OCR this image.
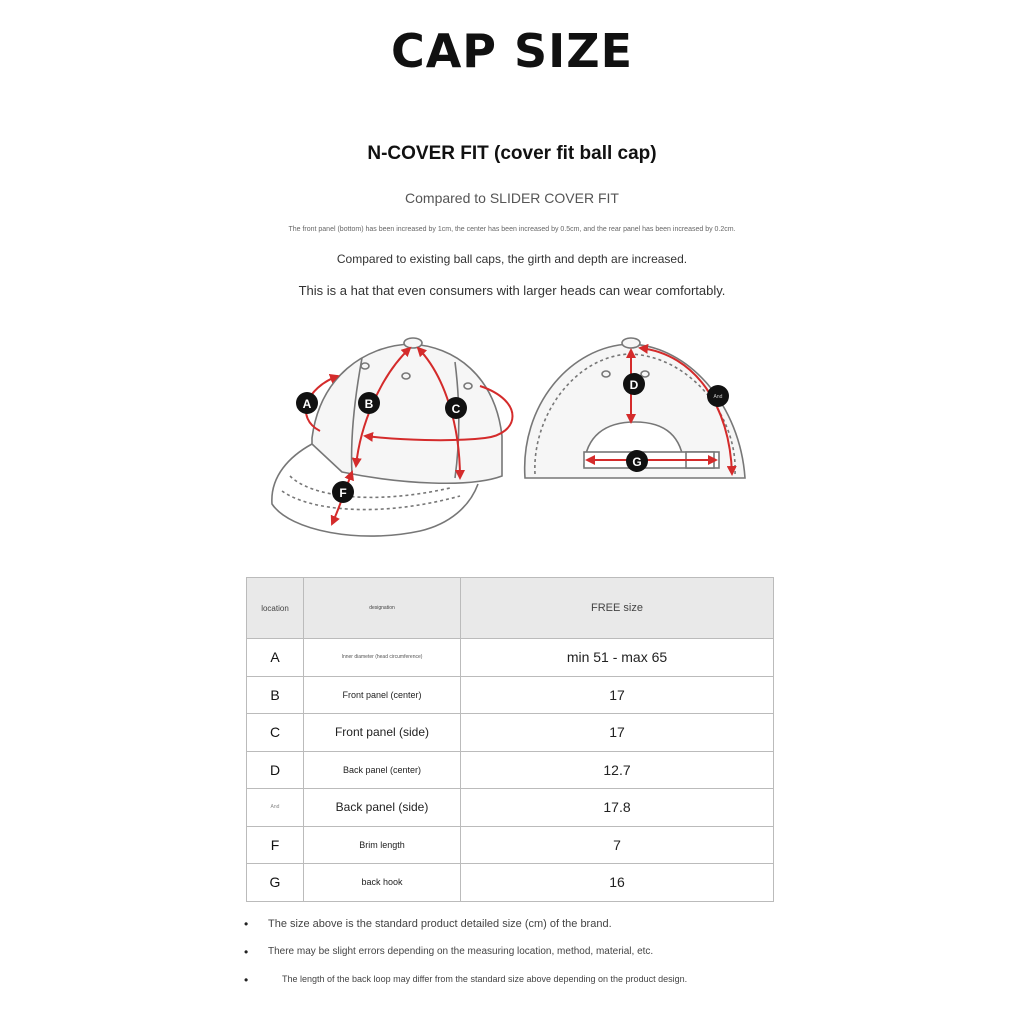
CAP SIZE
N-COVER FIT (cover fit ball cap)

Compared to SLIDER COVER FIT

The front panel (bottom) has been increased by 1cm, the center has been increased by 0.5cm, and the rear panel has been increased by 0.2cm.

Compared to existing ball caps, the girth and depth are increased.

This is a hat that even consumers with larger heads can wear comfortably.

A	B	C
D
And
F
G
location	designation	FREE size
A	Inner diameter (head circumference)	min 51 - max 65
B	Front panel (center)	17
C	Front panel (side)	17
D	Back panel (center)	12.7
And	Back panel (side)	17.8
F	Brim length	7
G	back hook	16
• The size above is the standard product detailed size (cm) of the brand.
• There may be slight errors depending on the measuring location, method, material, etc.
• The length of the back loop may differ from the standard size above depending on the product design.
